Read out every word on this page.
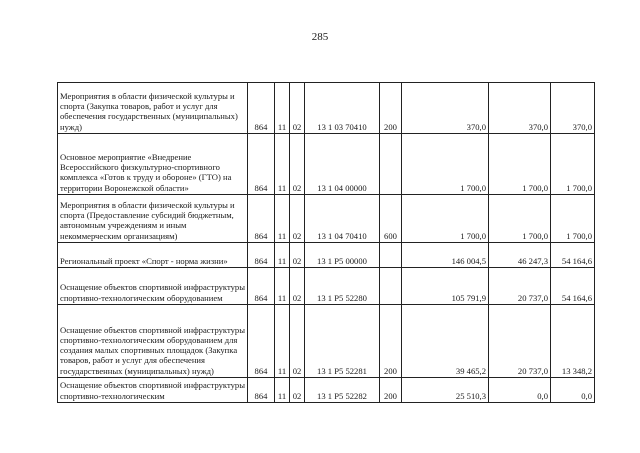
285
Мероприятия в области физической культуры и спорта (Закупка товаров, работ и услуг для обеспечения государственных (муниципальных) нужд)	864	11	02	13 1 03 70410	200	370,0	370,0	370,0
Основное мероприятие «Внедрение Всероссийского физкультурно-спортивного комплекса «Готов к труду и обороне» (ГТО) на территории Воронежской области»	864	11	02	13 1 04 00000		1 700,0	1 700,0	1 700,0
Мероприятия в области физической культуры и спорта (Предоставление субсидий бюджетным, автономным учреждениям и иным некоммерческим организациям)	864	11	02	13 1 04 70410	600	1 700,0	1 700,0	1 700,0
Региональный проект «Спорт - норма жизни»	864	11	02	13 1 P5 00000		146 004,5	46 247,3	54 164,6
Оснащение объектов спортивной инфраструктуры спортивно-технологическим оборудованием	864	11	02	13 1 P5 52280		105 791,9	20 737,0	54 164,6
Оснащение объектов спортивной инфраструктуры спортивно-технологическим оборудованием для создания малых спортивных площадок (Закупка товаров, работ и услуг для обеспечения государственных (муниципальных) нужд)	864	11	02	13 1 P5 52281	200	39 465,2	20 737,0	13 348,2
Оснащение объектов спортивной инфраструктуры спортивно-технологическим	864	11	02	13 1 P5 52282	200	25 510,3	0,0	0,0
